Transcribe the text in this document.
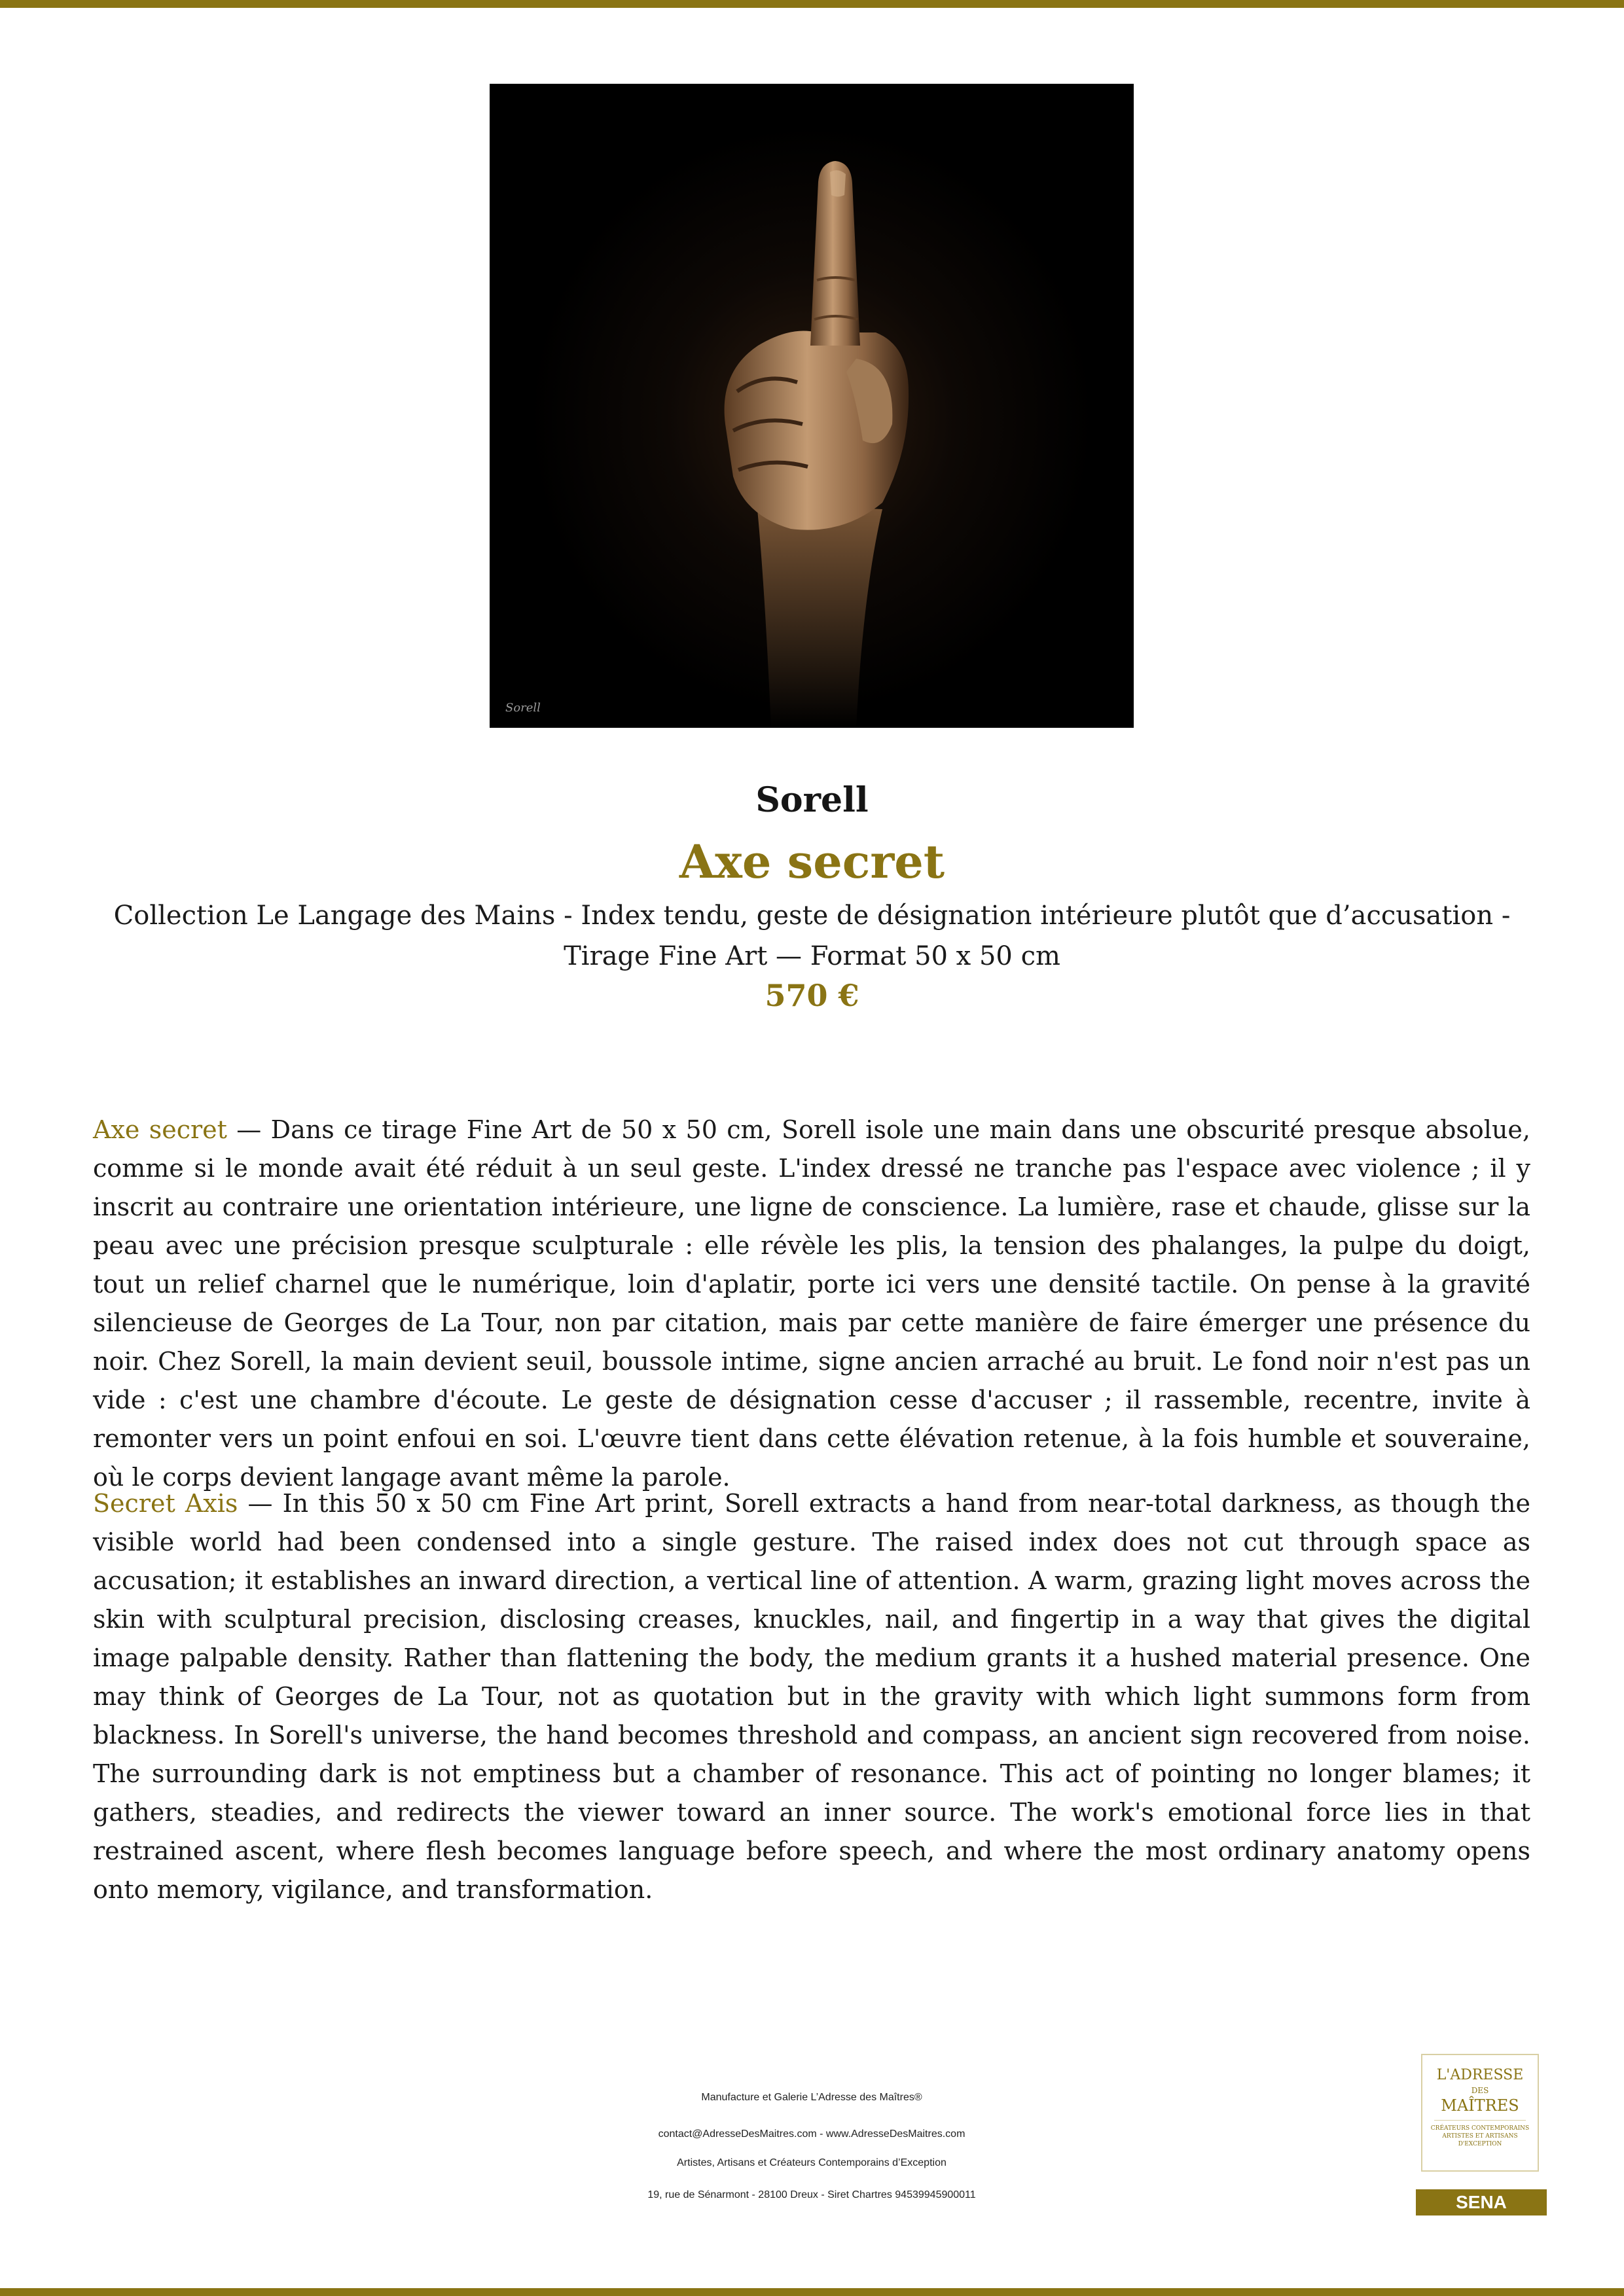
Sorell
Sorell
Axe secret
Collection Le Langage des Mains - Index tendu, geste de désignation intérieure plutôt que d’accusation - Tirage Fine Art — Format 50 x 50 cm
570 €

Axe secret — Dans ce tirage Fine Art de 50 x 50 cm, Sorell isole une main dans une obscurité presque absolue, comme si le monde avait été réduit à un seul geste. L'index dressé ne tranche pas l'espace avec violence ; il y inscrit au contraire une orientation intérieure, une ligne de conscience. La lumière, rase et chaude, glisse sur la peau avec une précision presque sculpturale : elle révèle les plis, la tension des phalanges, la pulpe du doigt, tout un relief charnel que le numérique, loin d'aplatir, porte ici vers une densité tactile. On pense à la gravité silencieuse de Georges de La Tour, non par citation, mais par cette manière de faire émerger une présence du noir. Chez Sorell, la main devient seuil, boussole intime, signe ancien arraché au bruit. Le fond noir n'est pas un vide : c'est une chambre d'écoute. Le geste de désignation cesse d'accuser ; il rassemble, recentre, invite à remonter vers un point enfoui en soi. L'œuvre tient dans cette élévation retenue, à la fois humble et souveraine, où le corps devient langage avant même la parole.

Secret Axis — In this 50 x 50 cm Fine Art print, Sorell extracts a hand from near-total darkness, as though the visible world had been condensed into a single gesture. The raised index does not cut through space as accusation; it establishes an inward direction, a vertical line of attention. A warm, grazing light moves across the skin with sculptural precision, disclosing creases, knuckles, nail, and fingertip in a way that gives the digital image palpable density. Rather than flattening the body, the medium grants it a hushed material presence. One may think of Georges de La Tour, not as quotation but in the gravity with which light summons form from blackness. In Sorell's universe, the hand becomes threshold and compass, an ancient sign recovered from noise. The surrounding dark is not emptiness but a chamber of resonance. This act of pointing no longer blames; it gathers, steadies, and redirects the viewer toward an inner source. The work's emotional force lies in that restrained ascent, where flesh becomes language before speech, and where the most ordinary anatomy opens onto memory, vigilance, and transformation.

Manufacture et Galerie L’Adresse des Maîtres®
contact@AdresseDesMaitres.com - www.AdresseDesMaitres.com
Artistes, Artisans et Créateurs Contemporains d’Exception
19, rue de Sénarmont - 28100 Dreux - Siret Chartres 94539945900011
L'ADRESSE
DES
MAÎTRES
CRÉATEURS CONTEMPORAINS ARTISTES ET ARTISANS D'EXCEPTION
SENA
